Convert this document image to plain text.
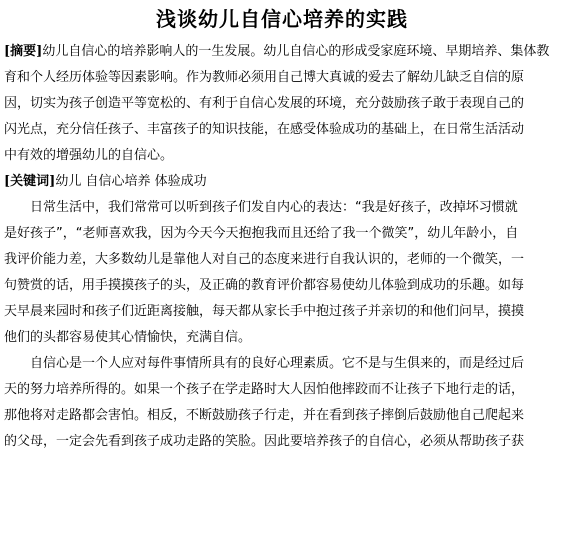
浅谈幼儿自信心培养的实践
[摘要]幼儿自信心的培养影响人的一生发展。幼儿自信心的形成受家庭环境、早期培养、集体教
育和个人经历体验等因素影响。作为教师必须用自己博大真诚的爱去了解幼儿缺乏自信的原
因，切实为孩子创造平等宽松的、有利于自信心发展的环境，充分鼓励孩子敢于表现自己的
闪光点，充分信任孩子、丰富孩子的知识技能，在感受体验成功的基础上，在日常生活活动
中有效的增强幼儿的自信心。
[关键词]幼儿 自信心培养 体验成功
日常生活中，我们常常可以听到孩子们发自内心的表达：“我是好孩子，改掉坏习惯就
是好孩子”，“老师喜欢我，因为今天今天抱抱我而且还给了我一个微笑”，幼儿年龄小，自
我评价能力差，大多数幼儿是靠他人对自己的态度来进行自我认识的，老师的一个微笑，一
句赞赏的话，用手摸摸孩子的头，及正确的教育评价都容易使幼儿体验到成功的乐趣。如每
天早晨来园时和孩子们近距离接触，每天都从家长手中抱过孩子并亲切的和他们问早，摸摸
他们的头都容易使其心情愉快，充满自信。
自信心是一个人应对每件事情所具有的良好心理素质。它不是与生俱来的，而是经过后
天的努力培养所得的。如果一个孩子在学走路时大人因怕他摔跤而不让孩子下地行走的话，
那他将对走路都会害怕。相反，不断鼓励孩子行走，并在看到孩子摔倒后鼓励他自己爬起来
的父母，一定会先看到孩子成功走路的笑脸。因此要培养孩子的自信心，必须从帮助孩子获
